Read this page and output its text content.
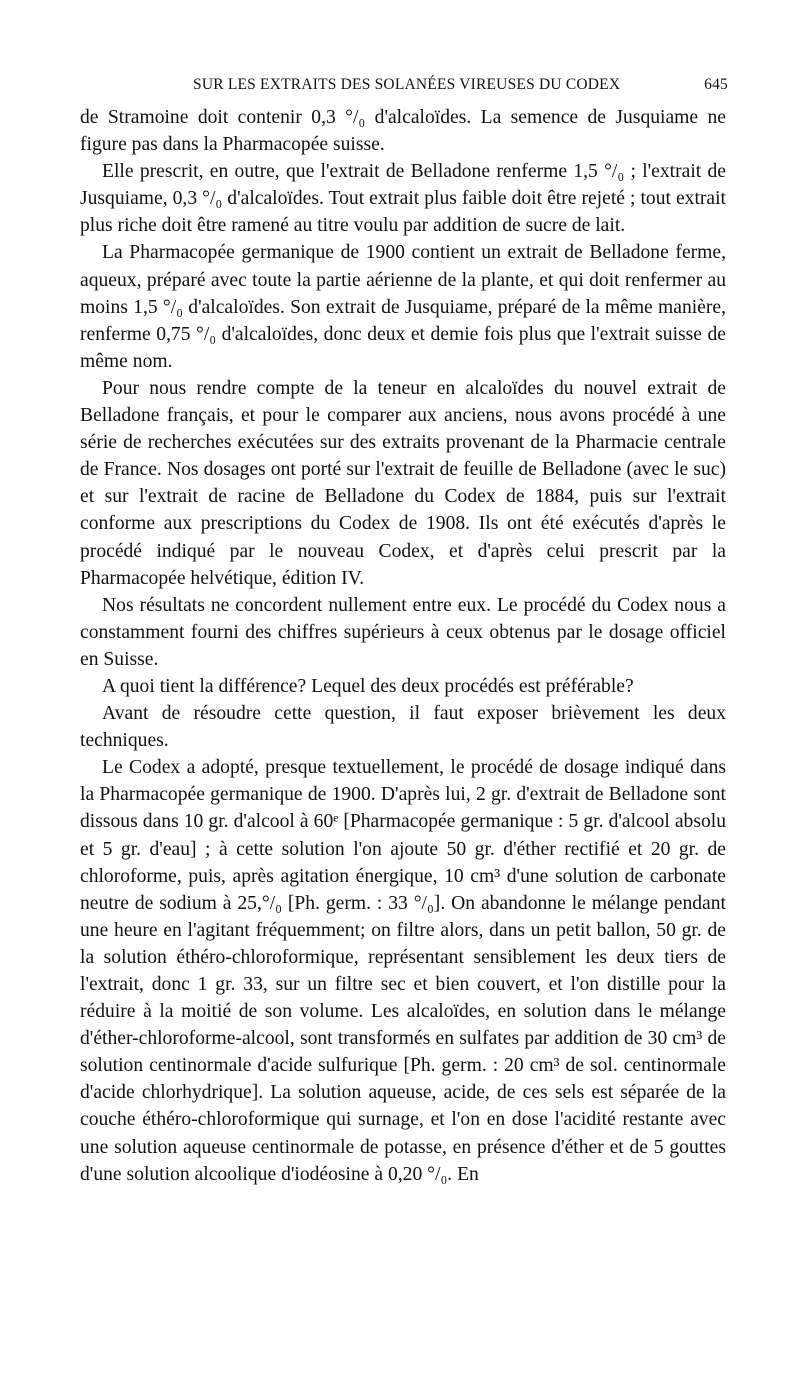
SUR LES EXTRAITS DES SOLANÉES VIREUSES DU CODEX	645

de Stramoine doit contenir 0,3 °/₀ d'alcaloïdes. La semence de Jusquiame ne figure pas dans la Pharmacopée suisse.

Elle prescrit, en outre, que l'extrait de Belladone renferme 1,5 °/₀ ; l'extrait de Jusquiame, 0,3 °/₀ d'alcaloïdes. Tout extrait plus faible doit être rejeté ; tout extrait plus riche doit être ramené au titre voulu par addition de sucre de lait.

La Pharmacopée germanique de 1900 contient un extrait de Belladone ferme, aqueux, préparé avec toute la partie aérienne de la plante, et qui doit renfermer au moins 1,5 °/₀ d'alcaloïdes. Son extrait de Jusquiame, préparé de la même manière, renferme 0,75 °/₀ d'alcaloïdes, donc deux et demie fois plus que l'extrait suisse de même nom.

Pour nous rendre compte de la teneur en alcaloïdes du nouvel extrait de Belladone français, et pour le comparer aux anciens, nous avons procédé à une série de recherches exécutées sur des extraits provenant de la Pharmacie centrale de France. Nos dosages ont porté sur l'extrait de feuille de Belladone (avec le suc) et sur l'extrait de racine de Belladone du Codex de 1884, puis sur l'extrait conforme aux prescriptions du Codex de 1908. Ils ont été exécutés d'après le procédé indiqué par le nouveau Codex, et d'après celui prescrit par la Pharmacopée helvétique, édition IV.

Nos résultats ne concordent nullement entre eux. Le procédé du Codex nous a constamment fourni des chiffres supérieurs à ceux obtenus par le dosage officiel en Suisse.

A quoi tient la différence? Lequel des deux procédés est préférable?

Avant de résoudre cette question, il faut exposer brièvement les deux techniques.

Le Codex a adopté, presque textuellement, le procédé de dosage indiqué dans la Pharmacopée germanique de 1900. D'après lui, 2 gr. d'extrait de Belladone sont dissous dans 10 gr. d'alcool à 60ᵉ [Pharmacopée germanique : 5 gr. d'alcool absolu et 5 gr. d'eau] ; à cette solution l'on ajoute 50 gr. d'éther rectifié et 20 gr. de chloroforme, puis, après agitation énergique, 10 cm³ d'une solution de carbonate neutre de sodium à 25,°/₀ [Ph. germ. : 33 °/₀]. On abandonne le mélange pendant une heure en l'agitant fréquemment; on filtre alors, dans un petit ballon, 50 gr. de la solution éthéro-chloroformique, représentant sensiblement les deux tiers de l'extrait, donc 1 gr. 33, sur un filtre sec et bien couvert, et l'on distille pour la réduire à la moitié de son volume. Les alcaloïdes, en solution dans le mélange d'éther-chloroforme-alcool, sont transformés en sulfates par addition de 30 cm³ de solution centinormale d'acide sulfurique [Ph. germ. : 20 cm³ de sol. centinormale d'acide chlorhydrique]. La solution aqueuse, acide, de ces sels est séparée de la couche éthéro-chloroformique qui surnage, et l'on en dose l'acidité restante avec une solution aqueuse centinormale de potasse, en présence d'éther et de 5 gouttes d'une solution alcoolique d'iodéosine à 0,20 °/₀. En
